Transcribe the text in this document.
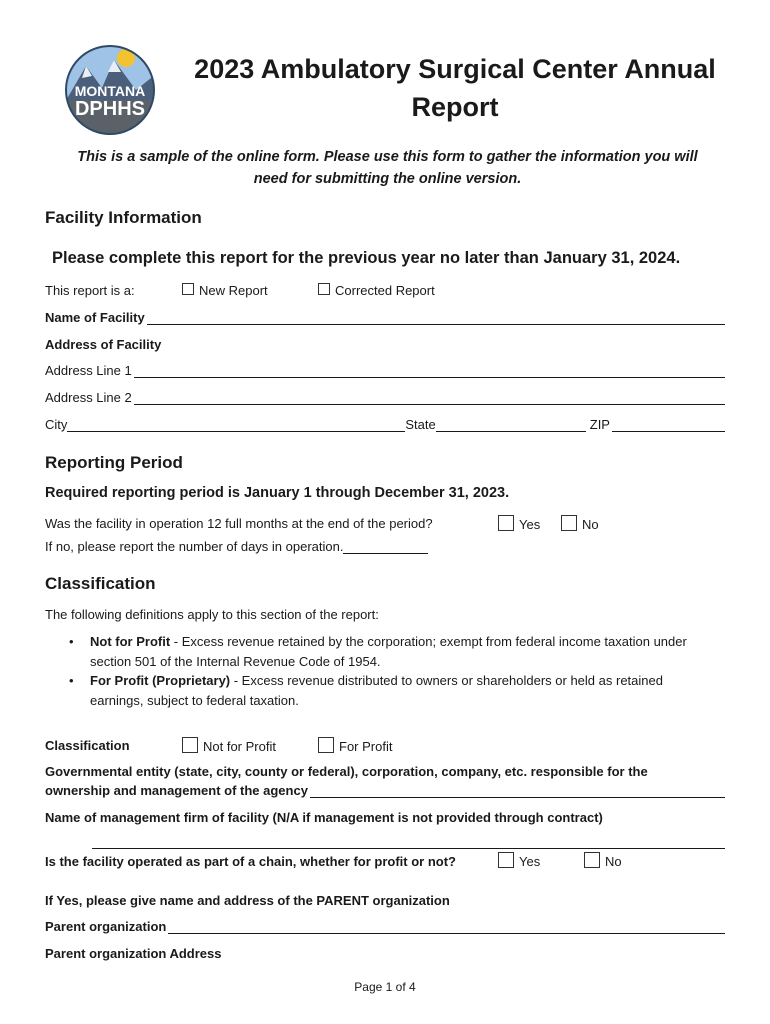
MONTANA
DPHHS
2023 Ambulatory Surgical Center Annual
Report
This is a sample of the online form. Please use this form to gather the information you will
need for submitting the online version.
Facility Information
Please complete this report for the previous year no later than January 31, 2024.
This report is a:	New Report	Corrected Report
Name of Facility
Address of Facility
Address Line 1
Address Line 2
City	State	ZIP
Reporting Period
Required reporting period is January 1 through December 31, 2023.
Was the facility in operation 12 full months at the end of the period?	Yes	No
If no, please report the number of days in operation.
Classification
The following definitions apply to this section of the report:
• Not for Profit - Excess revenue retained by the corporation; exempt from federal income taxation under
section 501 of the Internal Revenue Code of 1954.
• For Profit (Proprietary) - Excess revenue distributed to owners or shareholders or held as retained
earnings, subject to federal taxation.
Classification	Not for Profit	For Profit
Governmental entity (state, city, county or federal), corporation, company, etc. responsible for the
ownership and management of the agency
Name of management firm of facility (N/A if management is not provided through contract)
Is the facility operated as part of a chain, whether for profit or not?	Yes	No
If Yes, please give name and address of the PARENT organization
Parent organization
Parent organization Address
Page 1 of 4
